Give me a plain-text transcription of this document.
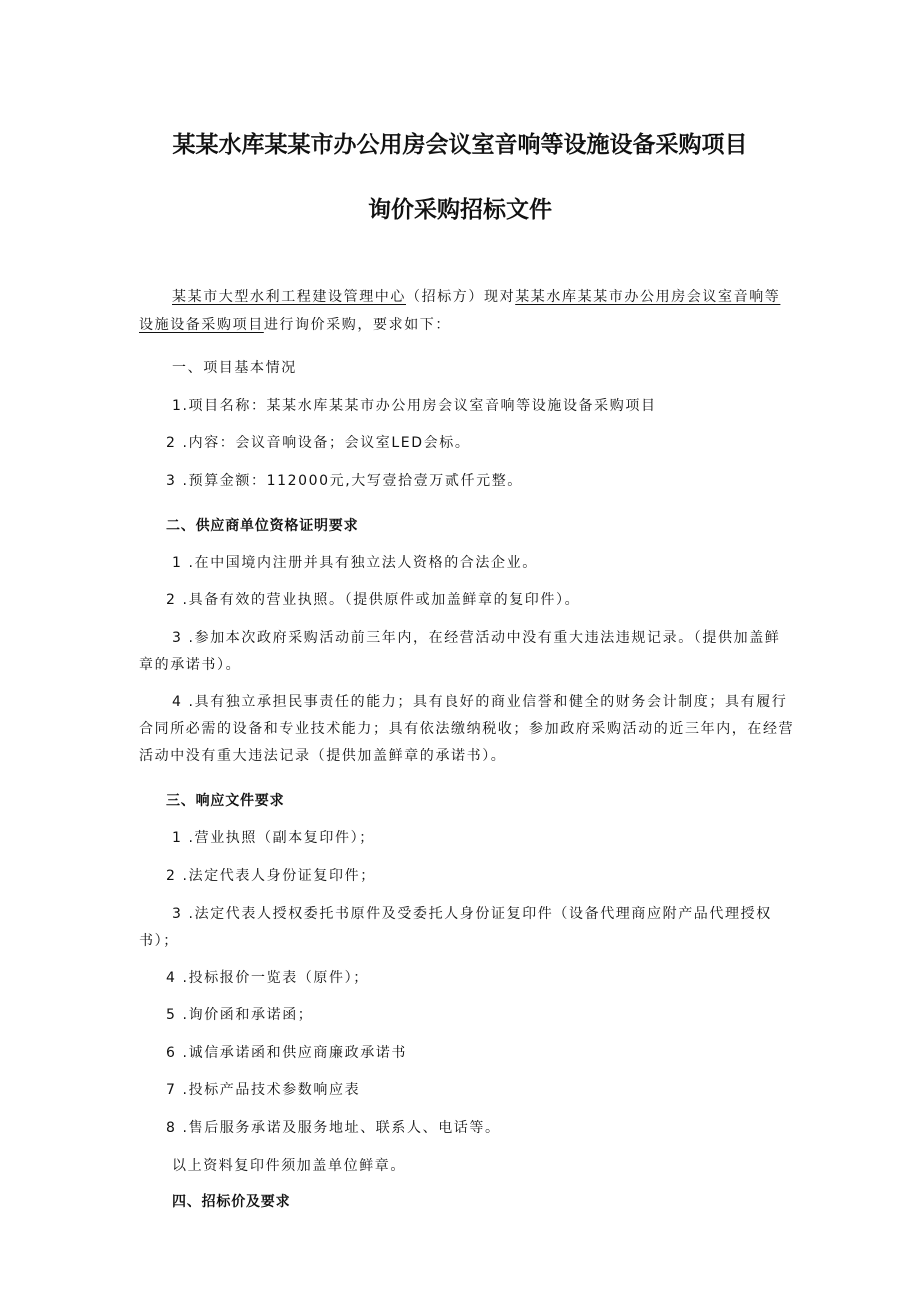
某某水库某某市办公用房会议室音响等设施设备采购项目
询价采购招标文件
某某市大型水利工程建设管理中心（招标方）现对某某水库某某市办公用房会议室音响等
设施设备采购项目进行询价采购，要求如下：
一、项目基本情况
1.项目名称：某某水库某某市办公用房会议室音响等设施设备采购项目
2 .内容：会议音响设备；会议室LED会标。
3 .预算金额：112000元,大写壹拾壹万贰仟元整。
二、供应商单位资格证明要求
1 .在中国境内注册并具有独立法人资格的合法企业。
2 .具备有效的营业执照。（提供原件或加盖鲜章的复印件）。
3 .参加本次政府采购活动前三年内，在经营活动中没有重大违法违规记录。（提供加盖鲜
章的承诺书）。
4 .具有独立承担民事责任的能力；具有良好的商业信誉和健全的财务会计制度；具有履行
合同所必需的设备和专业技术能力；具有依法缴纳税收；参加政府采购活动的近三年内，在经营
活动中没有重大违法记录（提供加盖鲜章的承诺书）。
三、响应文件要求
1 .营业执照（副本复印件）；
2 .法定代表人身份证复印件；
3 .法定代表人授权委托书原件及受委托人身份证复印件（设备代理商应附产品代理授权
书）；
4 .投标报价一览表（原件）；
5 .询价函和承诺函；
6 .诚信承诺函和供应商廉政承诺书
7 .投标产品技术参数响应表
8 .售后服务承诺及服务地址、联系人、电话等。
以上资料复印件须加盖单位鲜章。
四、招标价及要求
